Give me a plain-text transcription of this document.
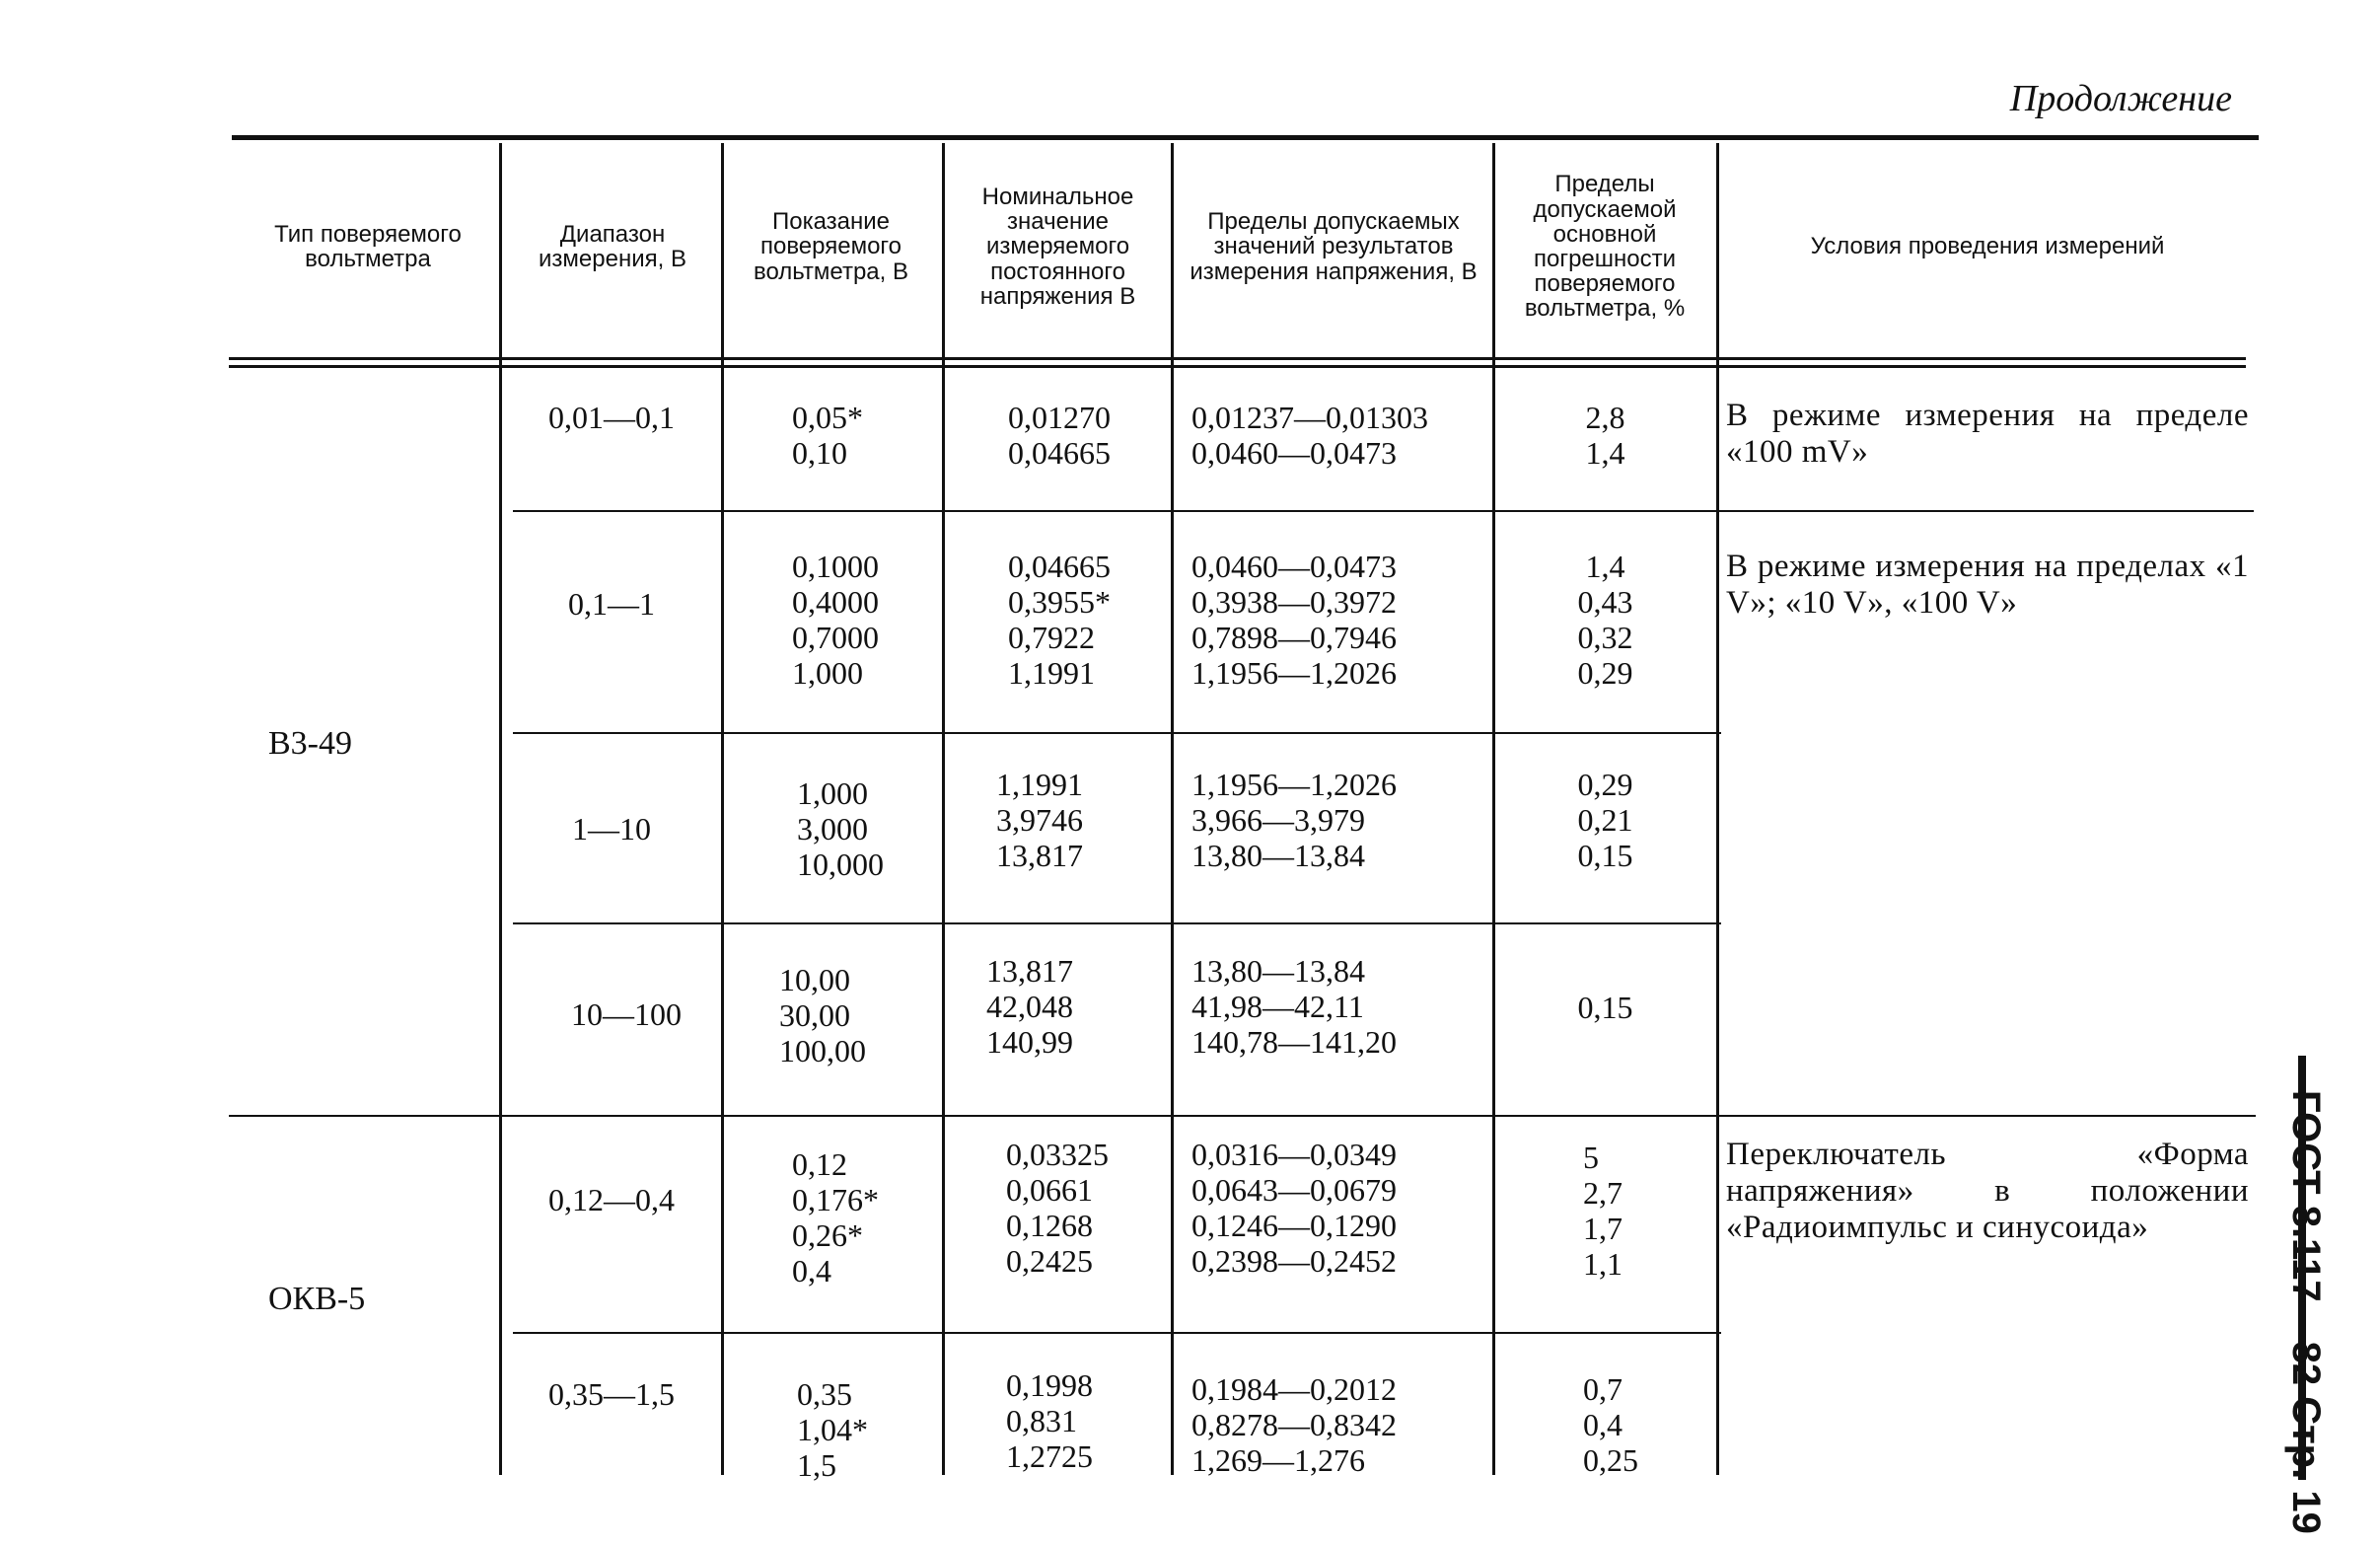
Продолжение
ГОСТ 8.117—82 Стр. 19
Тип поверяемого вольтметра
Диапазон измерения, В
Показание поверяемого вольтметра, В
Номинальное значение измеряемого постоянного напряжения В
Пределы допускаемых значений результатов измерения напряжения, В
Пределы допускаемой основной погрешности поверяемого вольтметра, %
Условия проведения измерений
В3-49
ОКВ-5
0,01—0,1	0,05*
0,10
0,01270
0,04665
0,01237—0,01303
0,0460—0,0473
2,8
1,4
В режиме измерения на пределе «100 mV»
0,1—1
0,1000
0,4000
0,7000
1,000
0,04665
0,3955*
0,7922
1,1991
0,0460—0,0473
0,3938—0,3972
0,7898—0,7946
1,1956—1,2026
1,4
0,43
0,32
0,29
В режиме измерения на пределах «1 V»; «10 V», «100 V»
1—10
1,000
3,000
10,000
1,1991
3,9746
13,817
1,1956—1,2026
3,966—3,979
13,80—13,84
0,29
0,21
0,15
10—100
10,00
30,00
100,00
13,817
42,048
140,99
13,80—13,84
41,98—42,11
140,78—141,20
0,15
0,12—0,4
0,12
0,176*
0,26*
0,4
0,03325
0,0661
0,1268
0,2425
0,0316—0,0349
0,0643—0,0679
0,1246—0,1290
0,2398—0,2452
5
2,7
1,7
1,1
Переключатель «Форма напряжения» в положении «Радиоимпульс и синусоида»
0,35—1,5	0,35
1,04*
1,5
0,1998
0,831
1,2725
0,1984—0,2012
0,8278—0,8342
1,269—1,276
0,7
0,4
0,25
